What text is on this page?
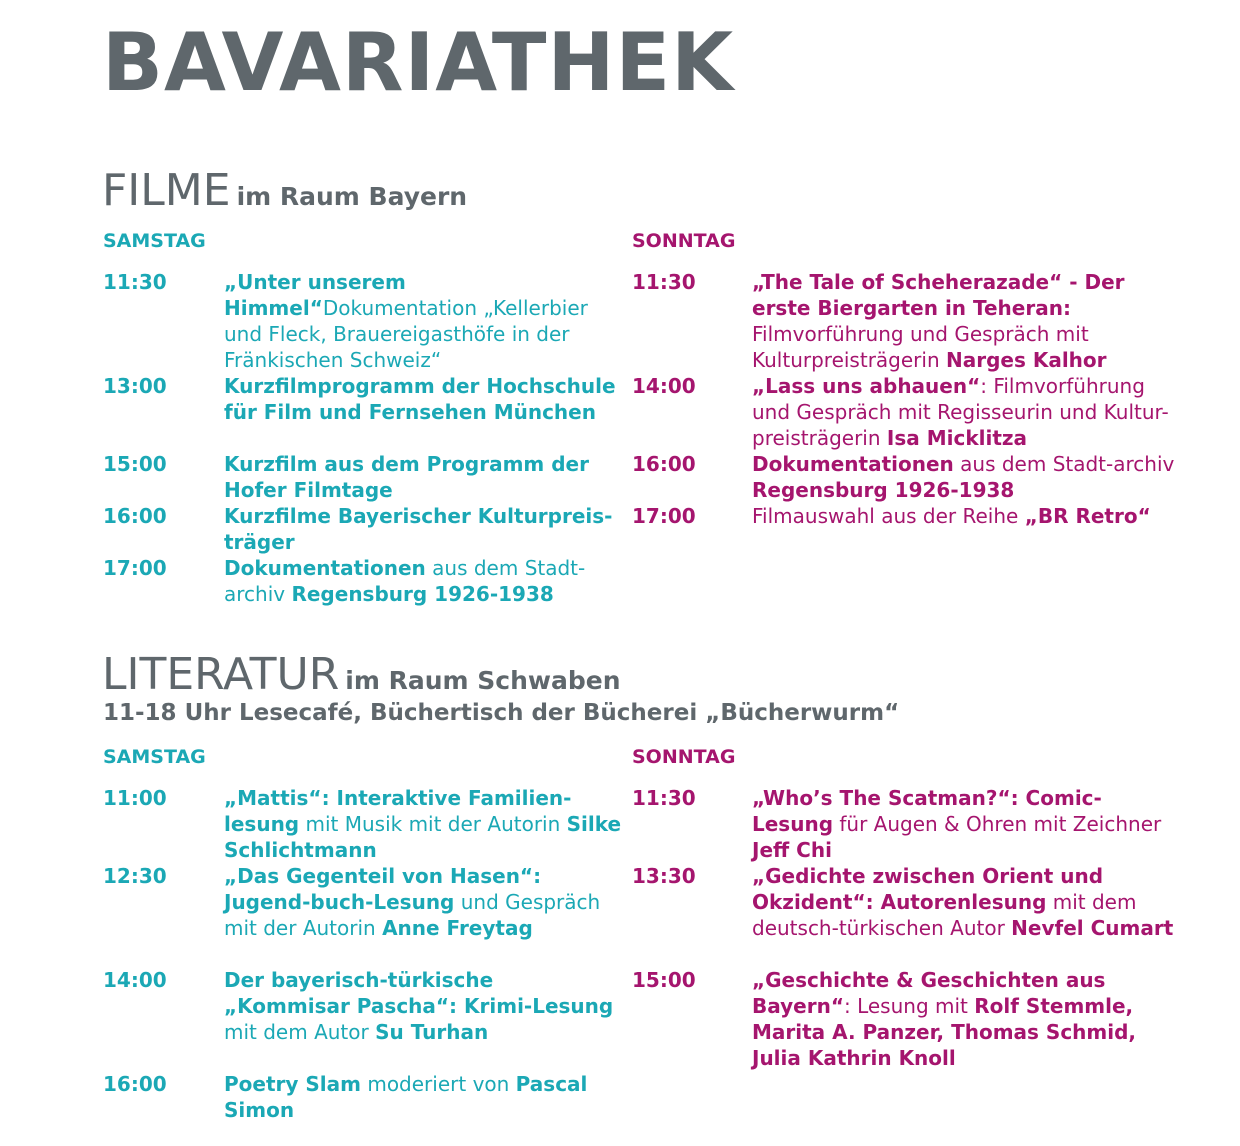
BAVARIATHEK
FILME im Raum Bayern
SAMSTAG	SONNTAG
11:30	„Unter unserem Himmel“Dokumentation „Kellerbier und Fleck, Brauereigasthöfe in der Fränkischen Schweiz“
13:00	Kurzfilmprogramm der Hochschule für Film und Fernsehen München
15:00	Kurzfilm aus dem Programm der Hofer Filmtage
16:00	Kurzfilme Bayerischer Kulturpreis-träger
17:00	Dokumentationen aus dem Stadt-archiv Regensburg 1926-1938
11:30	„The Tale of Scheherazade“ - Der erste Biergarten in Teheran: Filmvorführung und Gespräch mit Kulturpreisträgerin Narges Kalhor
14:00	„Lass uns abhauen“: Filmvorführung und Gespräch mit Regisseurin und Kultur-preisträgerin Isa Micklitza
16:00	Dokumentationen aus dem Stadt-archiv Regensburg 1926-1938
17:00	Filmauswahl aus der Reihe „BR Retro“
LITERATUR im Raum Schwaben
11-18 Uhr Lesecafé, Büchertisch der Bücherei „Bücherwurm“
SAMSTAG	SONNTAG
11:00	„Mattis“: Interaktive Familien-lesung mit Musik mit der Autorin Silke Schlichtmann
12:30	„Das Gegenteil von Hasen“: Jugend-buch-Lesung und Gespräch mit der Autorin Anne Freytag
14:00	Der bayerisch-türkische „Kommisar Pascha“: Krimi-Lesung mit dem Autor Su Turhan
16:00	Poetry Slam moderiert von Pascal Simon
11:30	„Who’s The Scatman?“: Comic-Lesung für Augen & Ohren mit Zeichner Jeff Chi
13:30	„Gedichte zwischen Orient und Okzident“: Autorenlesung mit dem deutsch-türkischen Autor Nevfel Cumart
15:00	„Geschichte & Geschichten aus Bayern“: Lesung mit Rolf Stemmle, Marita A. Panzer, Thomas Schmid, Julia Kathrin Knoll
